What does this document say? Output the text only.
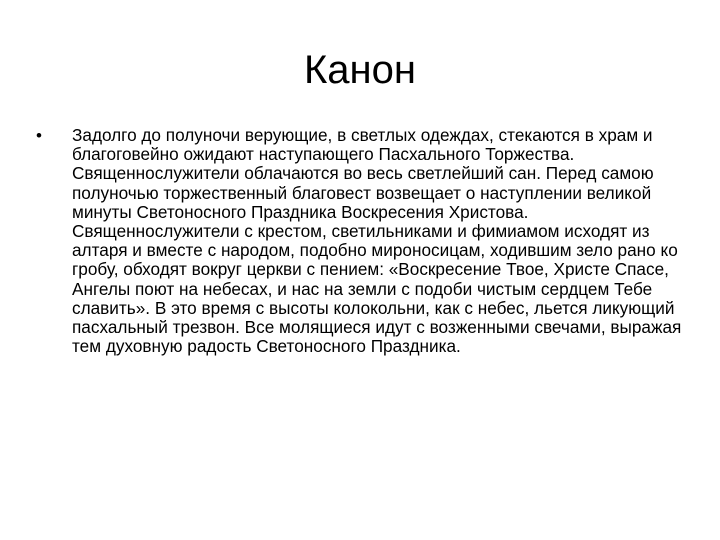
Канон
•	Задолго до полуночи верующие, в светлых одеждах, стекаются в храм и благоговейно ожидают наступающего Пасхального Торжества. Священнослужители облачаются во весь светлейший сан. Перед самою полуночью торжественный благовест возвещает о наступлении великой минуты Светоносного Праздника Воскресения Христова. Священнослужители с крестом, светильниками и фимиамом исходят из алтаря и вместе с народом, подобно мироносицам, ходившим зело рано ко гробу, обходят вокруг церкви с пением: «Воскресение Твое, Христе Спасе, Ангелы поют на небесах, и нас на земли с подоби чистым сердцем Тебе славить». В это время с высоты колокольни, как с небес, льется ликующий пасхальный трезвон. Все молящиеся идут с возженными свечами, выражая тем духовную радость Светоносного Праздника.
